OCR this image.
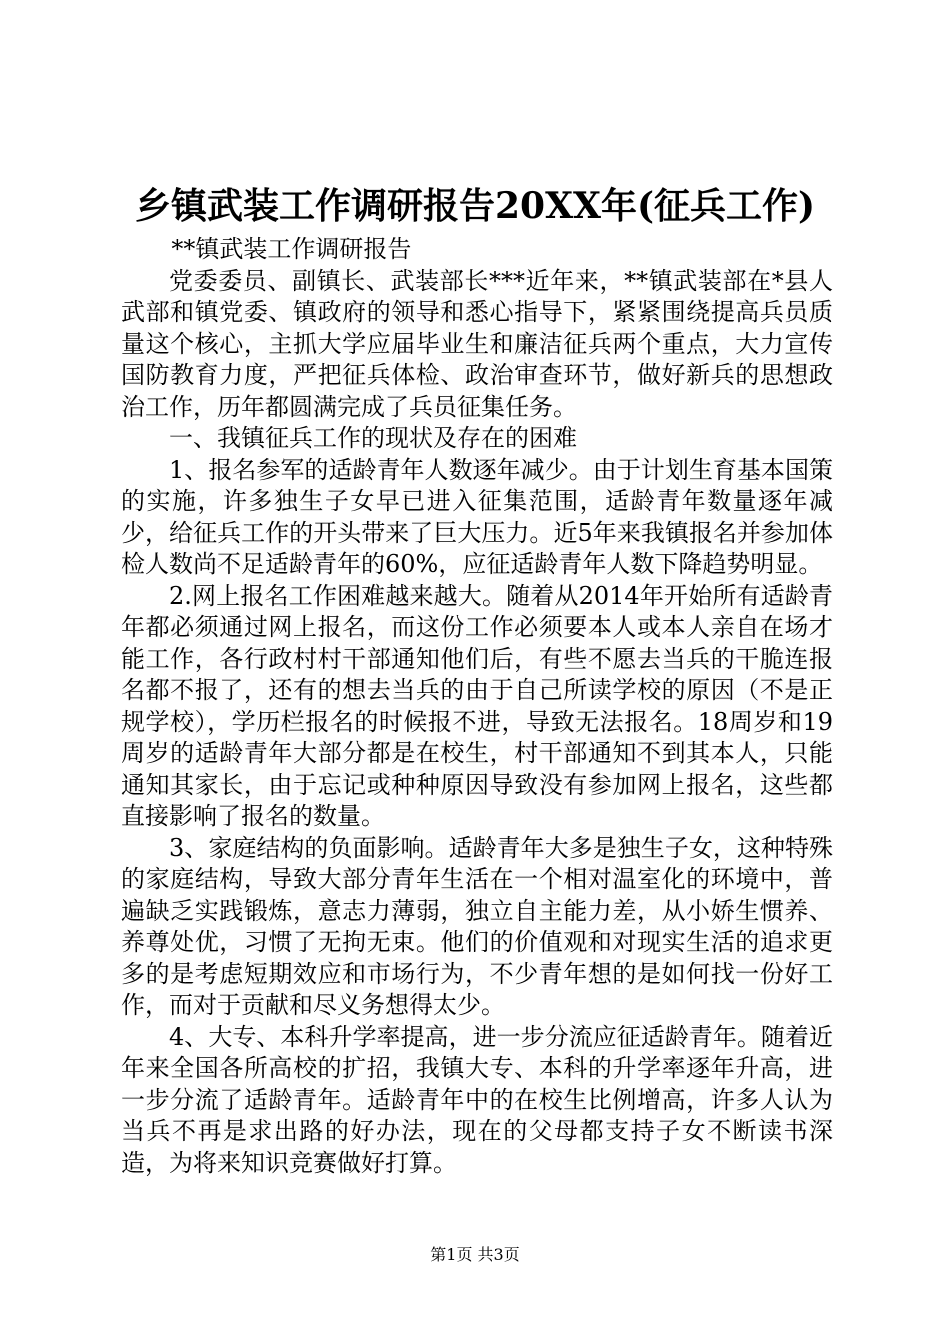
乡镇武装工作调研报告20XX年(征兵工作)

**镇武装工作调研报告

党委委员、副镇长、武装部长***近年来，**镇武装部在*县人武部和镇党委、镇政府的领导和悉心指导下，紧紧围绕提高兵员质量这个核心，主抓大学应届毕业生和廉洁征兵两个重点，大力宣传国防教育力度，严把征兵体检、政治审查环节，做好新兵的思想政治工作，历年都圆满完成了兵员征集任务。

一、我镇征兵工作的现状及存在的困难

1、报名参军的适龄青年人数逐年减少。由于计划生育基本国策的实施，许多独生子女早已进入征集范围，适龄青年数量逐年减少，给征兵工作的开头带来了巨大压力。近5年来我镇报名并参加体检人数尚不足适龄青年的60%，应征适龄青年人数下降趋势明显。

2.网上报名工作困难越来越大。随着从2014年开始所有适龄青年都必须通过网上报名，而这份工作必须要本人或本人亲自在场才能工作，各行政村村干部通知他们后，有些不愿去当兵的干脆连报名都不报了，还有的想去当兵的由于自己所读学校的原因（不是正规学校），学历栏报名的时候报不进，导致无法报名。18周岁和19周岁的适龄青年大部分都是在校生，村干部通知不到其本人，只能通知其家长，由于忘记或种种原因导致没有参加网上报名，这些都直接影响了报名的数量。

3、家庭结构的负面影响。适龄青年大多是独生子女，这种特殊的家庭结构，导致大部分青年生活在一个相对温室化的环境中，普遍缺乏实践锻炼，意志力薄弱，独立自主能力差，从小娇生惯养、养尊处优，习惯了无拘无束。他们的价值观和对现实生活的追求更多的是考虑短期效应和市场行为，不少青年想的是如何找一份好工作，而对于贡献和尽义务想得太少。

4、大专、本科升学率提高，进一步分流应征适龄青年。随着近年来全国各所高校的扩招，我镇大专、本科的升学率逐年升高，进一步分流了适龄青年。适龄青年中的在校生比例增高，许多人认为当兵不再是求出路的好办法，现在的父母都支持子女不断读书深造，为将来知识竞赛做好打算。

第1页 共3页
